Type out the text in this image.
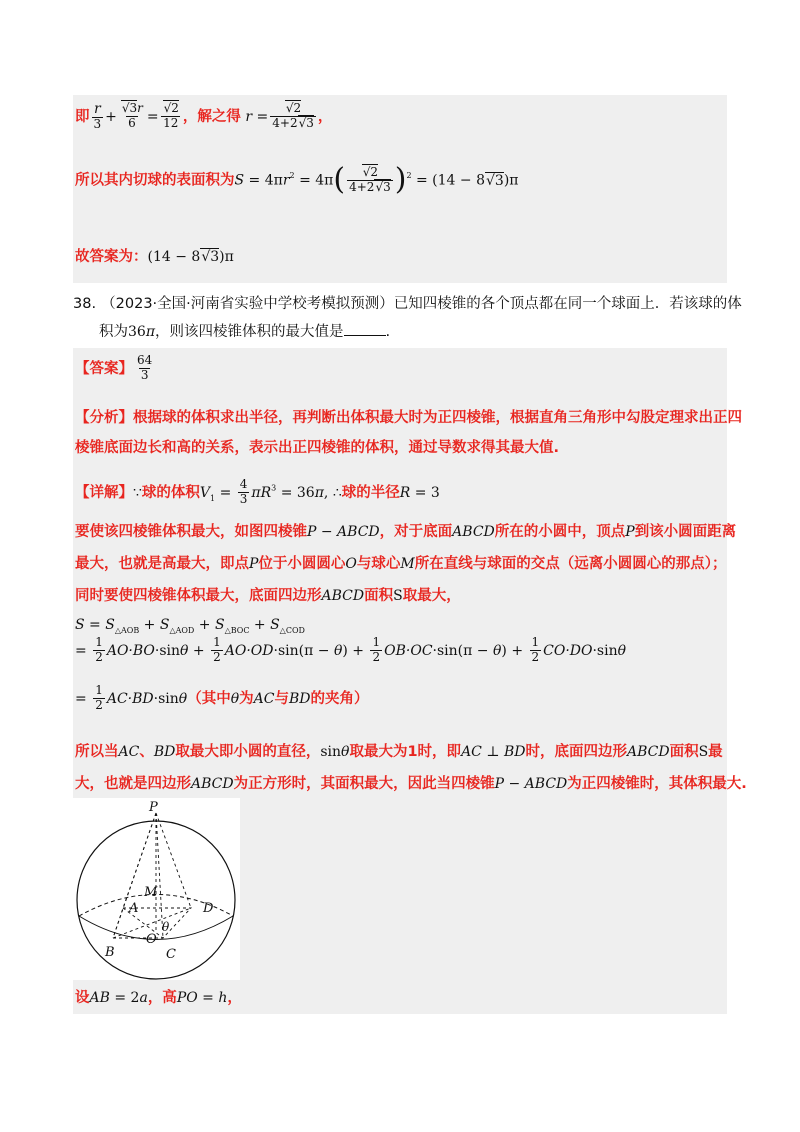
即 $\frac{r}{3} + \frac{√3r}{6} = \frac{√2}{12}$ ，解之得 $r = \frac{√2}{4+2√3}$ ，
所以其内切球的表面积为$S = 4\pi r^2 = 4\pi( \frac{√2}{4+2√3} )^2 = (14 - 8√3)\pi$
故答案为：(14 − 8√3)π
38. （2023·全国·河南省实验中学校考模拟预测）已知四棱锥的各个顶点都在同一个球面上．若该球的体
积为36π，则该四棱锥体积的最大值是	.
【答案】 $\frac{64}{3}$
【分析】根据球的体积求出半径，再判断出体积最大时为正四棱锥，根据直角三角形中勾股定理求出正四
棱锥底面边长和高的关系，表示出正四棱锥的体积，通过导数求得其最大值.
【详解】∵球的体积$V_1 = \frac{4}{3} \pi R^3 = 36\pi$, ∴球的半径R = 3
要使该四棱锥体积最大，如图四棱锥P − ABCD，对于底面ABCD所在的小圆中，顶点P到该小圆面距离
最大，也就是高最大，即点P位于小圆圆心O与球心M所在直线与球面的交点（远离小圆圆心的那点）；
同时要使四棱锥体积最大，底面四边形ABCD面积S取最大，
$S = S_{\triangle AOB} + S_{\triangle AOD} + S_{\triangle BOC} + S_{\triangle COD}$
= $\frac{1}{2} AO\cdot BO\cdot\sin\theta + \frac{1}{2} AO\cdot OD\cdot\sin(\pi - \theta) + \frac{1}{2} OB\cdot OC\cdot\sin(\pi - \theta) + \frac{1}{2} CO\cdot DO\cdot\sin\theta$
= $\frac{1}{2} AC\cdot BD\cdot\sin\theta$（其中θ为AC与BD的夹角）
所以当AC、BD取最大即小圆的直径，sinθ取最大为1时，即AC ⊥ BD时，底面四边形ABCD面积S最
大，也就是四边形ABCD为正方形时，其面积最大，因此当四棱锥P − ABCD为正四棱锥时，其体积最大.
P
M
A	D
O
θ
B	C
设AB = 2a，高PO = h，
